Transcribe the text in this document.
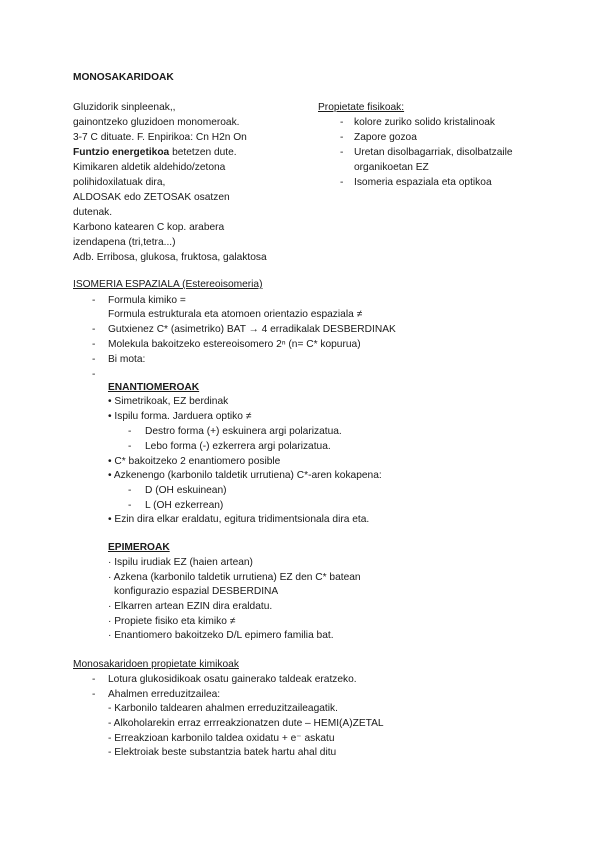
MONOSAKARIDOAK
Gluzidorik sinpleenak,,
gainontzeko gluzidoen monomeroak.
3-7 C dituate. F. Enpirikoa: Cn H2n On
Funtzio energetikoa betetzen dute.
Kimikaren aldetik aldehido/zetona
polihidoxilatuak dira,
ALDOSAK edo ZETOSAK osatzen
dutenak.
Karbono katearen C kop. arabera
izendapena (tri,tetra...)
Adb. Erribosa, glukosa, fruktosa, galaktosa
Propietate fisikoak:
- kolore zuriko solido kristalinoak
- Zapore gozoa
- Uretan disolbagarriak, disolbatzaile
organikoetan EZ
- Isomeria espaziala eta optikoa
ISOMERIA ESPAZIALA (Estereoisomeria)
- Formula kimiko =
Formula estrukturala eta atomoen orientazio espaziala ≠
- Gutxienez C* (asimetriko) BAT → 4 erradikalak DESBERDINAK
- Molekula bakoitzeko estereoisomero 2ⁿ (n= C* kopurua)
- Bi mota:
-
ENANTIOMEROAK
• Simetrikoak, EZ berdinak
• Ispilu forma. Jarduera optiko ≠
- Destro forma (+) eskuinera argi polarizatua.
- Lebo forma (-) ezkerrera argi polarizatua.
• C* bakoitzeko 2 enantiomero posible
• Azkenengo (karbonilo taldetik urrutiena) C*-aren kokapena:
- D (OH eskuinean)
- L (OH ezkerrean)
• Ezin dira elkar eraldatu, egitura tridimentsionala dira eta.
EPIMEROAK
· Ispilu irudiak EZ (haien artean)
· Azkena (karbonilo taldetik urrutiena) EZ den C* batean
konfigurazio espazial DESBERDINA
· Elkarren artean EZIN dira eraldatu.
· Propiete fisiko eta kimiko ≠
· Enantiomero bakoitzeko D/L epimero familia bat.
Monosakaridoen propietate kimikoak
- Lotura glukosidikoak osatu gainerako taldeak eratzeko.
- Ahalmen erreduzitzailea:
- Karbonilo taldearen ahalmen erreduzitzaileagatik.
- Alkoholarekin erraz errreakzionatzen dute – HEMI(A)ZETAL
- Erreakzioan karbonilo taldea oxidatu + e⁻ askatu
- Elektroiak beste substantzia batek hartu ahal ditu
